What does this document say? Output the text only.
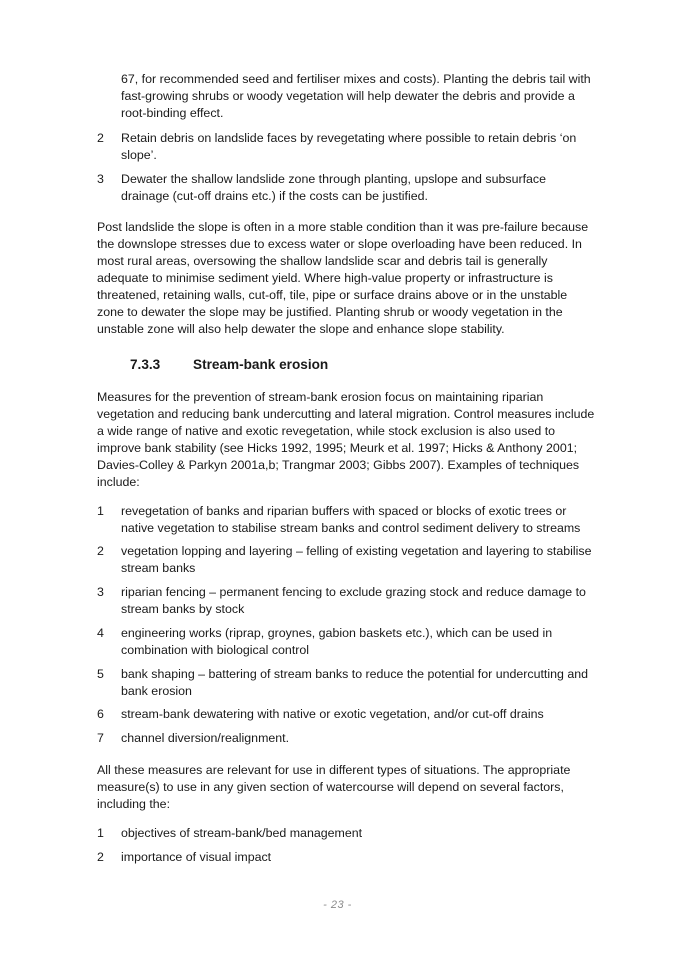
67, for recommended seed and fertiliser mixes and costs). Planting the debris tail with fast-growing shrubs or woody vegetation will help dewater the debris and provide a root-binding effect.
2	Retain debris on landslide faces by revegetating where possible to retain debris ‘on slope’.
3	Dewater the shallow landslide zone through planting, upslope and subsurface drainage (cut-off drains etc.) if the costs can be justified.
Post landslide the slope is often in a more stable condition than it was pre-failure because the downslope stresses due to excess water or slope overloading have been reduced. In most rural areas, oversowing the shallow landslide scar and debris tail is generally adequate to minimise sediment yield. Where high-value property or infrastructure is threatened, retaining walls, cut-off, tile, pipe or surface drains above or in the unstable zone to dewater the slope may be justified. Planting shrub or woody vegetation in the unstable zone will also help dewater the slope and enhance slope stability.
7.3.3 Stream-bank erosion
Measures for the prevention of stream-bank erosion focus on maintaining riparian vegetation and reducing bank undercutting and lateral migration. Control measures include a wide range of native and exotic revegetation, while stock exclusion is also used to improve bank stability (see Hicks 1992, 1995; Meurk et al. 1997; Hicks & Anthony 2001; Davies-Colley & Parkyn 2001a,b; Trangmar 2003; Gibbs 2007). Examples of techniques include:
1	revegetation of banks and riparian buffers with spaced or blocks of exotic trees or native vegetation to stabilise stream banks and control sediment delivery to streams
2	vegetation lopping and layering – felling of existing vegetation and layering to stabilise stream banks
3	riparian fencing – permanent fencing to exclude grazing stock and reduce damage to stream banks by stock
4	engineering works (riprap, groynes, gabion baskets etc.), which can be used in combination with biological control
5	bank shaping – battering of stream banks to reduce the potential for undercutting and bank erosion
6	stream-bank dewatering with native or exotic vegetation, and/or cut-off drains
7	channel diversion/realignment.
All these measures are relevant for use in different types of situations. The appropriate measure(s) to use in any given section of watercourse will depend on several factors, including the:
1	objectives of stream-bank/bed management
2	importance of visual impact
- 23 -
